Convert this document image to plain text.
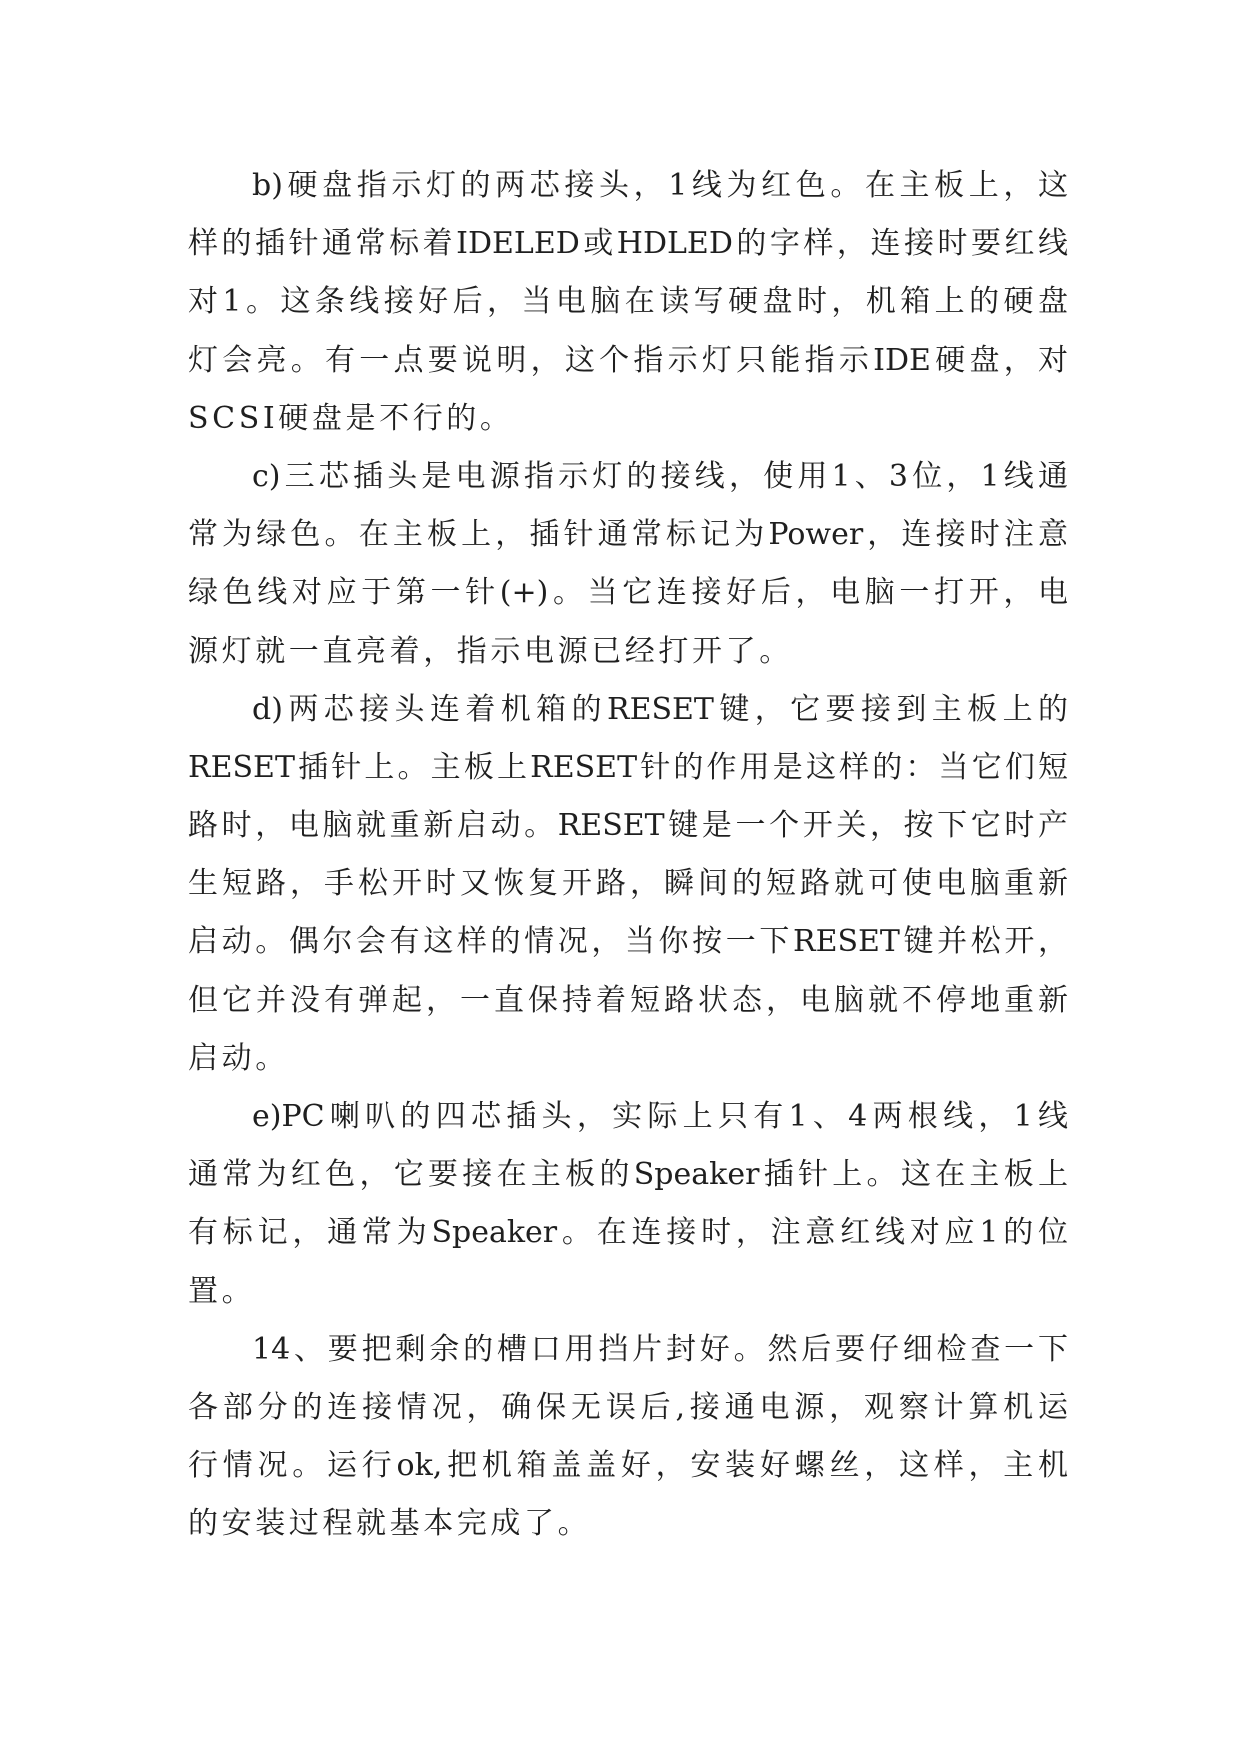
b)硬盘指示灯的两芯接头，1线为红色。在主板上，这
样的插针通常标着IDELED或HDLED的字样，连接时要红线
对1。这条线接好后，当电脑在读写硬盘时，机箱上的硬盘
灯会亮。有一点要说明，这个指示灯只能指示IDE硬盘，对
SCSI硬盘是不行的。
c)三芯插头是电源指示灯的接线，使用1、3位，1线通
常为绿色。在主板上，插针通常标记为Power，连接时注意
绿色线对应于第一针(+)。当它连接好后，电脑一打开，电
源灯就一直亮着，指示电源已经打开了。
d)两芯接头连着机箱的RESET键，它要接到主板上的
RESET插针上。主板上RESET针的作用是这样的：当它们短
路时，电脑就重新启动。RESET键是一个开关，按下它时产
生短路，手松开时又恢复开路，瞬间的短路就可使电脑重新
启动。偶尔会有这样的情况，当你按一下RESET键并松开，
但它并没有弹起，一直保持着短路状态，电脑就不停地重新
启动。
e)PC喇叭的四芯插头，实际上只有1、4两根线，1线
通常为红色，它要接在主板的Speaker插针上。这在主板上
有标记，通常为Speaker。在连接时，注意红线对应1的位
置。
14、要把剩余的槽口用挡片封好。然后要仔细检查一下
各部分的连接情况，确保无误后,接通电源，观察计算机运
行情况。运行ok,把机箱盖盖好，安装好螺丝，这样，主机
的安装过程就基本完成了。
